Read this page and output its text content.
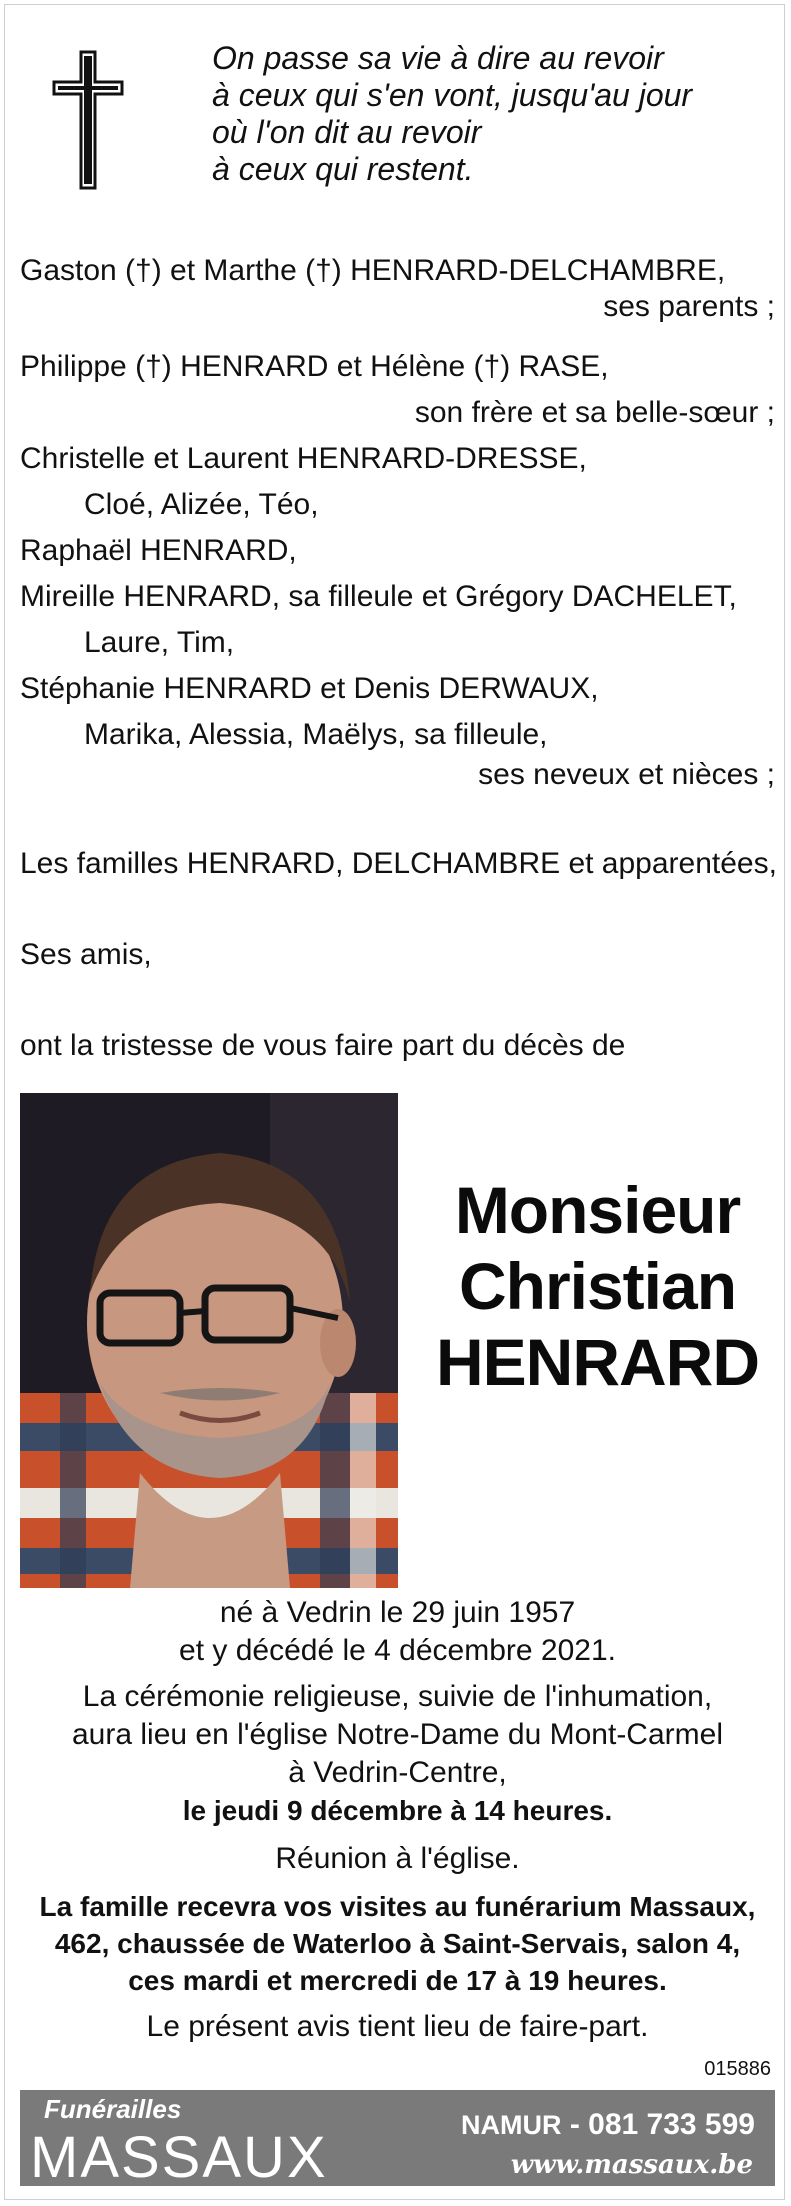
On passe sa vie à dire au revoir
à ceux qui s'en vont, jusqu'au jour
où l'on dit au revoir
à ceux qui restent.
Gaston (†) et Marthe (†) HENRARD-DELCHAMBRE,
ses parents ;
Philippe (†) HENRARD et Hélène (†) RASE,
son frère et sa belle-sœur ;
Christelle et Laurent HENRARD-DRESSE,
Cloé, Alizée, Téo,
Raphaël HENRARD,
Mireille HENRARD, sa filleule et Grégory DACHELET,
Laure, Tim,
Stéphanie HENRARD et Denis DERWAUX,
Marika, Alessia, Maëlys, sa filleule,
ses neveux et nièces ;
Les familles HENRARD, DELCHAMBRE et apparentées,
Ses amis,
ont la tristesse de vous faire part du décès de
Monsieur
Christian
HENRARD
né à Vedrin le 29 juin 1957
et y décédé le 4 décembre 2021.
La cérémonie religieuse, suivie de l'inhumation,
aura lieu en l'église Notre-Dame du Mont-Carmel
à Vedrin-Centre,
le jeudi 9 décembre à 14 heures.
Réunion à l'église.
La famille recevra vos visites au funérarium Massaux,
462, chaussée de Waterloo à Saint-Servais, salon 4,
ces mardi et mercredi de 17 à 19 heures.
Le présent avis tient lieu de faire-part.
015886
Funérailles
MASSAUX	NAMUR - 081 733 599
www.massaux.be
